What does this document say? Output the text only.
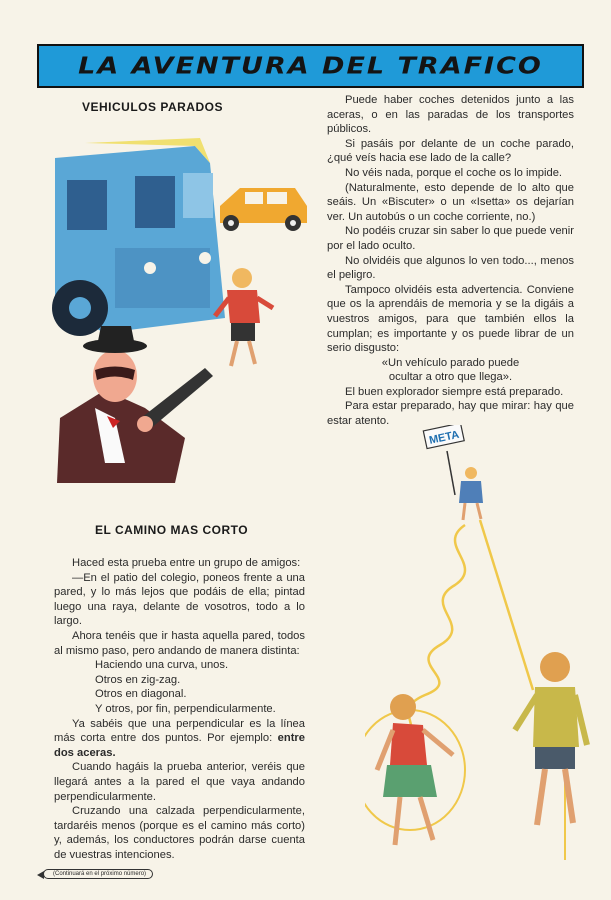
LA AVENTURA DEL TRAFICO
VEHICULOS PARADOS
EL CAMINO MAS CORTO

Puede haber coches detenidos junto a las aceras, o en las paradas de los transportes públicos.

Si pasáis por delante de un coche parado, ¿qué veís hacia ese lado de la calle?

No véis nada, porque el coche os lo impide.

(Naturalmente, esto depende de lo alto que seáis. Un «Biscuter» o un «Isetta» os dejarían ver. Un autobús o un coche corriente, no.)

No podéis cruzar sin saber lo que puede venir por el lado oculto.

No olvidéis que algunos lo ven todo..., menos el peligro.

Tampoco olvidéis esta advertencia. Conviene que os la aprendáis de memoria y se la digáis a vuestros amigos, para que también ellos la cumplan; es importante y os puede librar de un serio disgusto:

«Un vehículo parado puede

ocultar a otro que llega».

El buen explorador siempre está preparado.

Para estar preparado, hay que mirar: hay que estar atento.

Haced esta prueba entre un grupo de amigos:

—En el patio del colegio, poneos frente a una pared, y lo más lejos que podáis de ella; pintad luego una raya, delante de vosotros, todo a lo largo.

Ahora tenéis que ir hasta aquella pared, todos al mismo paso, pero andando de manera distinta:

Haciendo una curva, unos.

Otros en zig-zag.

Otros en diagonal.

Y otros, por fin, perpendicularmente.

Ya sabéis que una perpendicular es la línea más corta entre dos puntos. Por ejemplo: entre dos aceras.

Cuando hagáis la prueba anterior, veréis que llegará antes a la pared el que vaya andando perpendicularmente.

Cruzando una calzada perpendicularmente, tardaréis menos (porque es el camino más corto) y, además, los conductores podrán darse cuenta de vuestras intenciones.

META
(Continuará en el próximo número)
